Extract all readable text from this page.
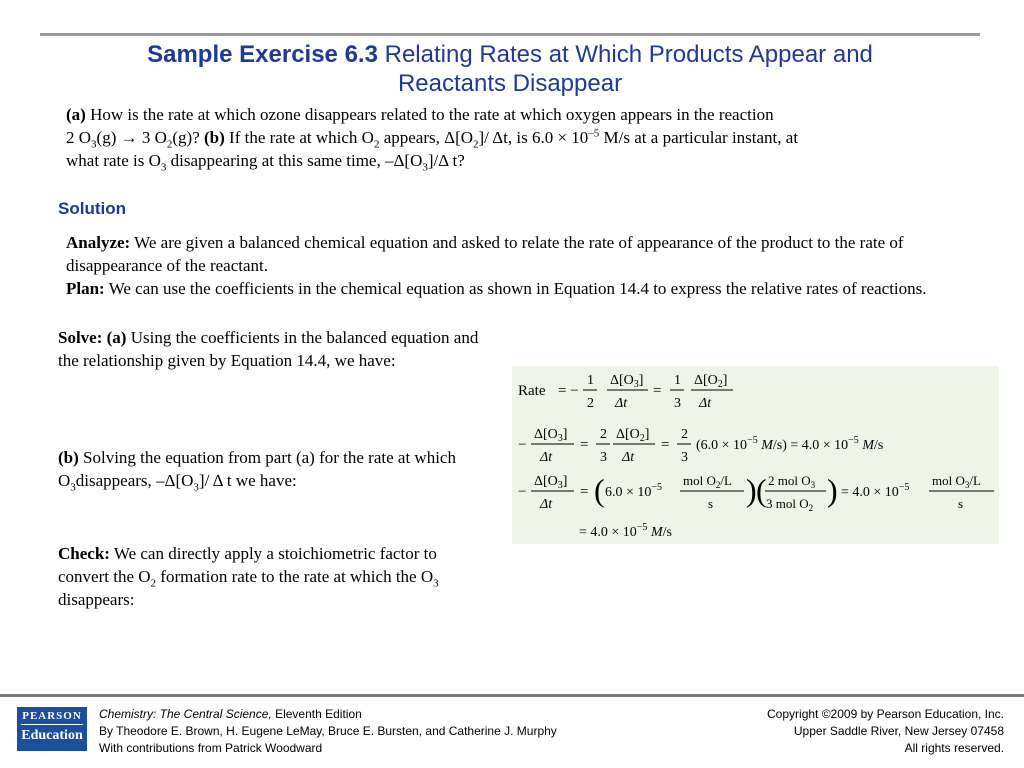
Sample Exercise 6.3 Relating Rates at Which Products Appear and
Reactants Disappear
(a) How is the rate at which ozone disappears related to the rate at which oxygen appears in the reaction
2 $O_3(g) \to 3$ $O_2(g)$? (b) If the rate at which $O_2$ appears, $\Delta[O_2]/$ Δt, is $6.0 \times 10^{-5}$ M/s at a particular instant, at
what rate is $O_3$ disappearing at this same time, $-\Delta[O_3]/\Delta$ t?
Solution
Analyze: We are given a balanced chemical equation and asked to relate the rate of appearance of the product to the rate of disappearance of the reactant.
Plan: We can use the coefficients in the chemical equation as shown in Equation 14.4 to express the relative rates of reactions.
Solve: (a) Using the coefficients in the balanced equation and the relationship given by Equation 14.4, we have:
(b) Solving the equation from part (a) for the rate at which $O_3disappears$, $-\Delta[O_3]/$ Δ t we have:
Check: We can directly apply a stoichiometric factor to convert the $O_2$ formation rate to the rate at which the $O_3$ disappears:
Rate = −
1
2
$\Delta[O_3]$
Δt
=
1
3
$\Delta[O_2]$
Δt
−
$\Delta[O_3]$
Δt
=
2
3
$\Delta[O_2]$
Δt
=
2
3
($6.0 \times 10^{-5}$ $M/s) = 4.0 \times 10^{-5}$ M/s
−
$\Delta[O_3]$
Δt
= ( $6.0 \times 10^{-5}$ mol $O_2/L$
s ) ( 2 mol $O_3$
3 mol $O_2$ ) = $4.0 \times 10^{-5}$ mol $O_3/L$
s
= $4.0 \times 10^{-5}$ M/s
PEARSON
Education
Chemistry: The Central Science, Eleventh Edition
By Theodore E. Brown, H. Eugene LeMay, Bruce E. Bursten, and Catherine J. Murphy
With contributions from Patrick Woodward
Copyright ©2009 by Pearson Education, Inc.
Upper Saddle River, New Jersey 07458
All rights reserved.
